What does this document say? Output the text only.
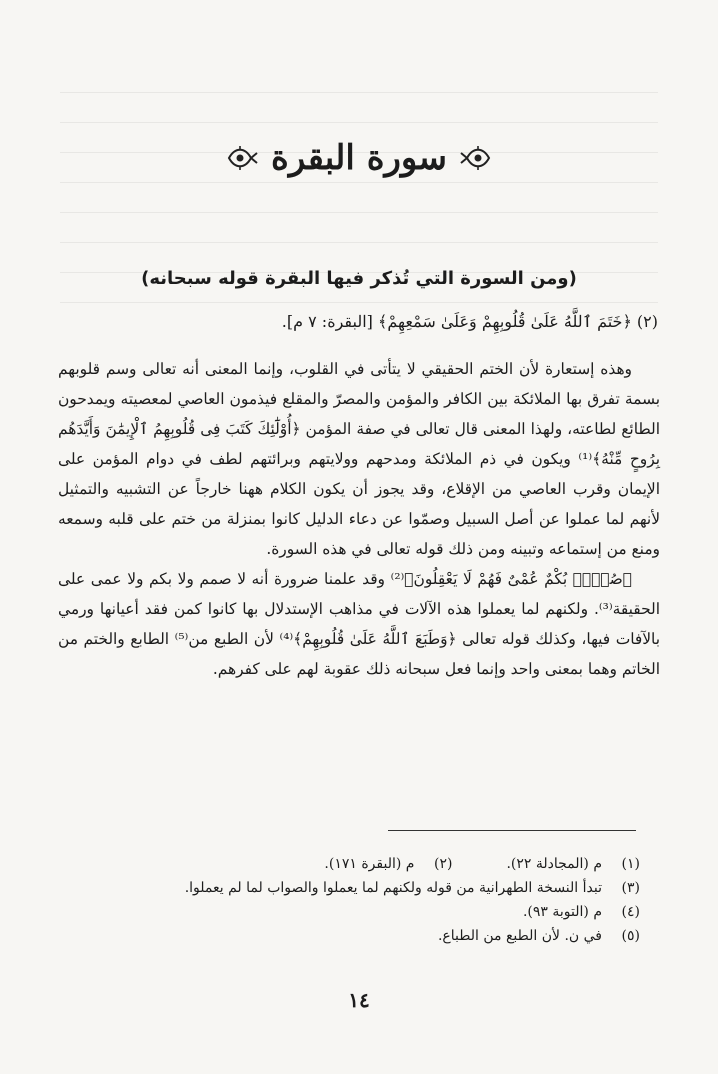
سورة البقرة
(ومن السورة التي تُذكر فيها البقرة قوله سبحانه)
(٢) ﴿خَتَمَ ٱللَّهُ عَلَىٰ قُلُوبِهِمْ وَعَلَىٰ سَمْعِهِمْ﴾ [البقرة: ٧ م].

وهذه إستعارة لأن الختم الحقيقي لا يتأتى في القلوب، وإنما المعنى أنه تعالى وسم قلوبهم بسمة تفرق بها الملائكة بين الكافر والمؤمن والمصرّ والمقلع فيذمون العاصي لمعصيته ويمدحون الطائع لطاعته، ولهذا المعنى قال تعالى في صفة المؤمن ﴿أُوْلَٰٓئِكَ كَتَبَ فِى قُلُوبِهِمُ ٱلْإِيمَٰنَ وَأَيَّدَهُم بِرُوحٍ مِّنْهُ﴾⁽¹⁾ ويكون في ذم الملائكة ومدحهم وولايتهم وبرائتهم لطف في دوام المؤمن على الإيمان وقرب العاصي من الإقلاع، وقد يجوز أن يكون الكلام ههنا خارجاً عن التشبيه والتمثيل لأنهم لما عملوا عن أصل السبيل وصمّوا عن دعاء الدليل كانوا بمنزلة من ختم على قلبه وسمعه ومنع من إستماعه وتبينه ومن ذلك قوله تعالى في هذه السورة.

﴿صُمٌّۢ بُكْمٌ عُمْىٌ فَهُمْ لَا يَعْقِلُونَ﴾⁽²⁾ وقد علمنا ضرورة أنه لا صمم ولا بكم ولا عمى على الحقيقة⁽³⁾. ولكنهم لما يعملوا هذه الآلات في مذاهب الإستدلال بها كانوا كمن فقد أعيانها ورمي بالآفات فيها، وكذلك قوله تعالى ﴿وَطَبَعَ ٱللَّهُ عَلَىٰ قُلُوبِهِمْ﴾⁽⁴⁾ لأن الطبع من⁽⁵⁾ الطابع والختم من الخاتم وهما بمعنى واحد وإنما فعل سبحانه ذلك عقوبة لهم على كفرهم.

(١)
م (المجادلة ٢٢).
(٢)
م (البقرة ١٧١).
(٣)
تبدأ النسخة الطهرانية من قوله ولكنهم لما يعملوا والصواب لما لم يعملوا.
(٤)
م (التوبة ٩٣).
(٥)
في ن. لأن الطبع من الطباع.
١٤
